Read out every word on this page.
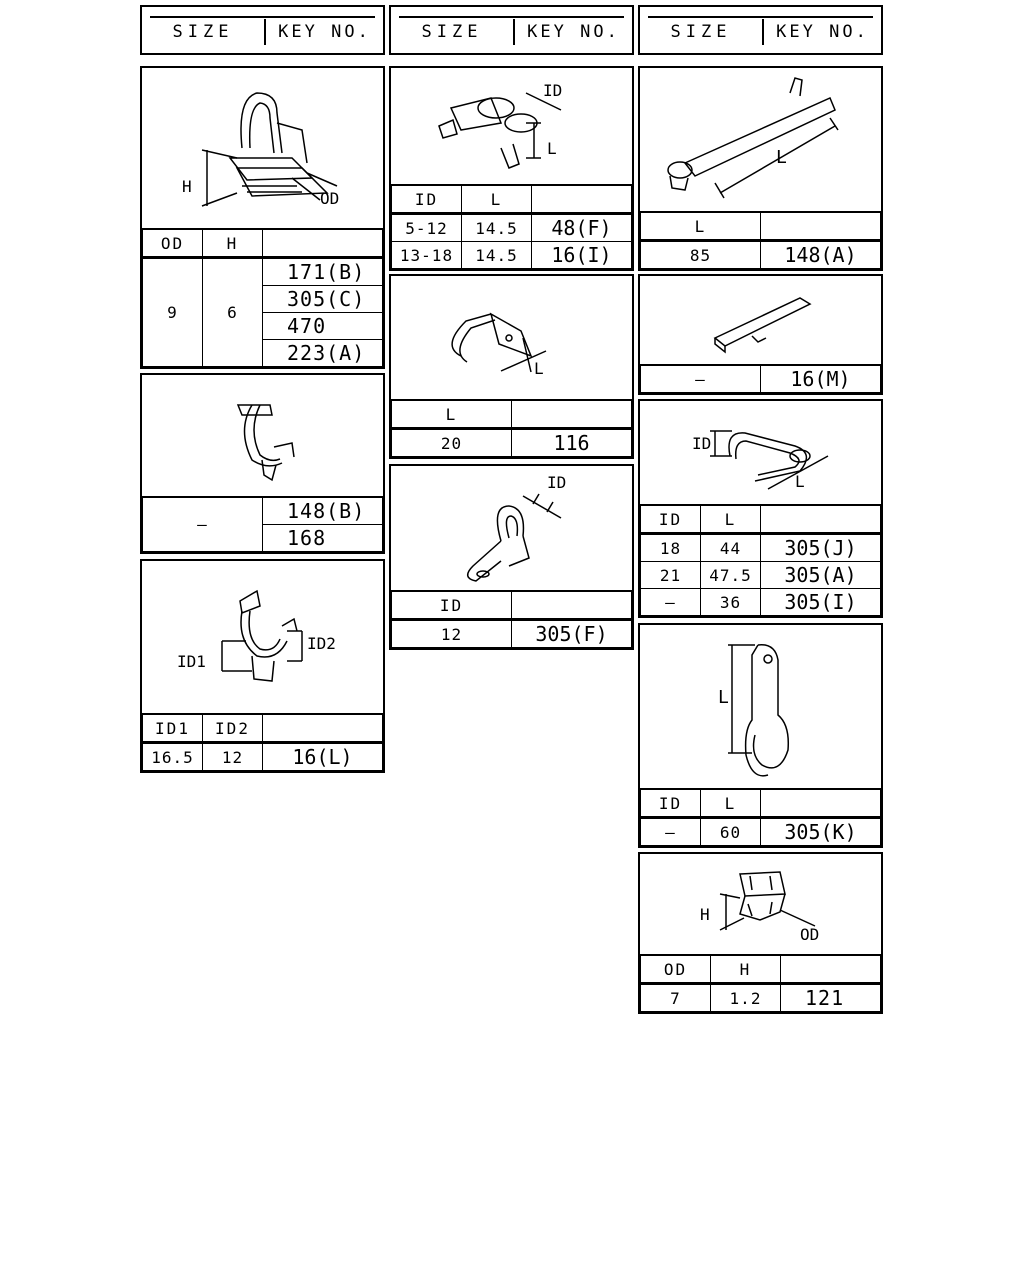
SIZE	KEY NO.	SIZE	KEY NO.	SIZE	KEY NO.
H
OD
OD	H	
9	6	171(B)
		305(C)
		470
		223(A)
—	148(B)
168
ID1
ID2
ID1	ID2	
16.5	12	16(L)
ID
L
ID	L	
5-12	14.5	48(F)
13-18	14.5	16(I)
L
L	
20	116
ID
ID	
12	305(F)
L
L	
85	148(A)
—	16(M)
ID
L
ID	L	
18	44	305(J)
21	47.5	305(A)
—	36	305(I)
L
ID	L	
—	60	305(K)
H
OD
OD	H	
7	1.2	121
